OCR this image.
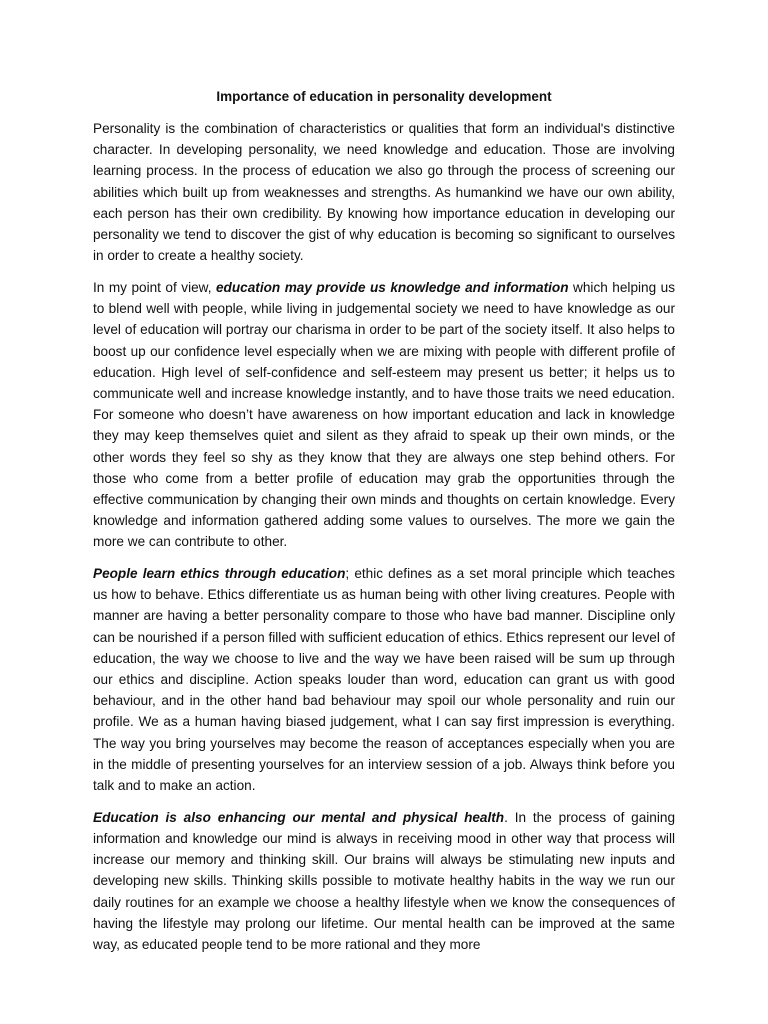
Importance of education in personality development

Personality is the combination of characteristics or qualities that form an individual's distinctive character. In developing personality, we need knowledge and education. Those are involving learning process. In the process of education we also go through the process of screening our abilities which built up from weaknesses and strengths. As humankind we have our own ability, each person has their own credibility. By knowing how importance education in developing our personality we tend to discover the gist of why education is becoming so significant to ourselves in order to create a healthy society.

In my point of view, education may provide us knowledge and information which helping us to blend well with people, while living in judgemental society we need to have knowledge as our level of education will portray our charisma in order to be part of the society itself. It also helps to boost up our confidence level especially when we are mixing with people with different profile of education. High level of self-confidence and self-esteem may present us better; it helps us to communicate well and increase knowledge instantly, and to have those traits we need education. For someone who doesn’t have awareness on how important education and lack in knowledge they may keep themselves quiet and silent as they afraid to speak up their own minds, or the other words they feel so shy as they know that they are always one step behind others. For those who come from a better profile of education may grab the opportunities through the effective communication by changing their own minds and thoughts on certain knowledge. Every knowledge and information gathered adding some values to ourselves. The more we gain the more we can contribute to other.

People learn ethics through education; ethic defines as a set moral principle which teaches us how to behave. Ethics differentiate us as human being with other living creatures. People with manner are having a better personality compare to those who have bad manner. Discipline only can be nourished if a person filled with sufficient education of ethics. Ethics represent our level of education, the way we choose to live and the way we have been raised will be sum up through our ethics and discipline. Action speaks louder than word, education can grant us with good behaviour, and in the other hand bad behaviour may spoil our whole personality and ruin our profile. We as a human having biased judgement, what I can say first impression is everything. The way you bring yourselves may become the reason of acceptances especially when you are in the middle of presenting yourselves for an interview session of a job. Always think before you talk and to make an action.

Education is also enhancing our mental and physical health. In the process of gaining information and knowledge our mind is always in receiving mood in other way that process will increase our memory and thinking skill. Our brains will always be stimulating new inputs and developing new skills. Thinking skills possible to motivate healthy habits in the way we run our daily routines for an example we choose a healthy lifestyle when we know the consequences of having the lifestyle may prolong our lifetime. Our mental health can be improved at the same way, as educated people tend to be more rational and they more
